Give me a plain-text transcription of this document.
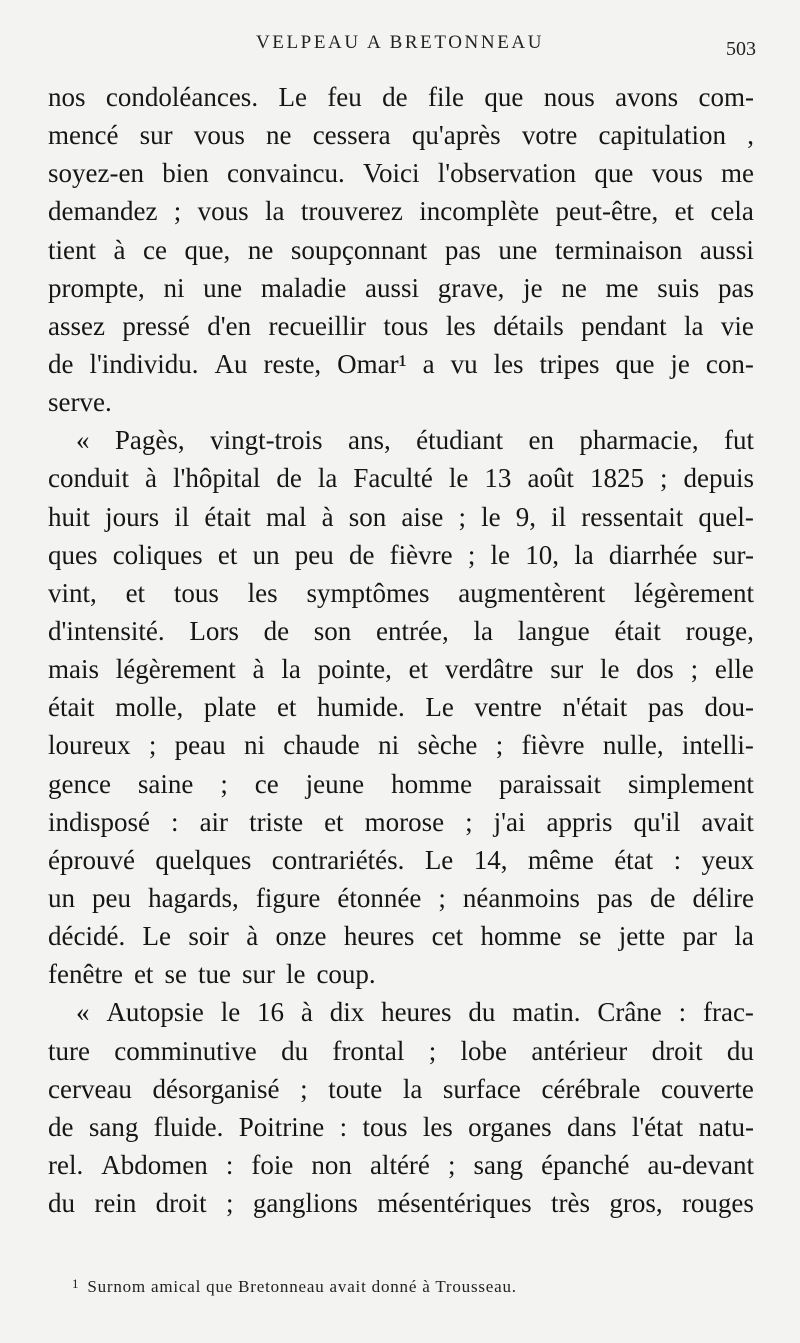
VELPEAU A BRETONNEAU	503
nos condoléances. Le feu de file que nous avons com-
mencé sur vous ne cessera qu'après votre capitulation ,
soyez-en bien convaincu. Voici l'observation que vous me
demandez ; vous la trouverez incomplète peut-être, et cela
tient à ce que, ne soupçonnant pas une terminaison aussi
prompte, ni une maladie aussi grave, je ne me suis pas
assez pressé d'en recueillir tous les détails pendant la vie
de l'individu. Au reste, Omar¹ a vu les tripes que je con-
serve.
« Pagès, vingt-trois ans, étudiant en pharmacie, fut
conduit à l'hôpital de la Faculté le 13 août 1825 ; depuis
huit jours il était mal à son aise ; le 9, il ressentait quel-
ques coliques et un peu de fièvre ; le 10, la diarrhée sur-
vint, et tous les symptômes augmentèrent légèrement
d'intensité. Lors de son entrée, la langue était rouge,
mais légèrement à la pointe, et verdâtre sur le dos ; elle
était molle, plate et humide. Le ventre n'était pas dou-
loureux ; peau ni chaude ni sèche ; fièvre nulle, intelli-
gence saine ; ce jeune homme paraissait simplement
indisposé : air triste et morose ; j'ai appris qu'il avait
éprouvé quelques contrariétés. Le 14, même état : yeux
un peu hagards, figure étonnée ; néanmoins pas de délire
décidé. Le soir à onze heures cet homme se jette par la
fenêtre et se tue sur le coup.
« Autopsie le 16 à dix heures du matin. Crâne : frac-
ture comminutive du frontal ; lobe antérieur droit du
cerveau désorganisé ; toute la surface cérébrale couverte
de sang fluide. Poitrine : tous les organes dans l'état natu-
rel. Abdomen : foie non altéré ; sang épanché au-devant
du rein droit ; ganglions mésentériques très gros, rouges
$^1$ Surnom amical que Bretonneau avait donné à Trousseau.
